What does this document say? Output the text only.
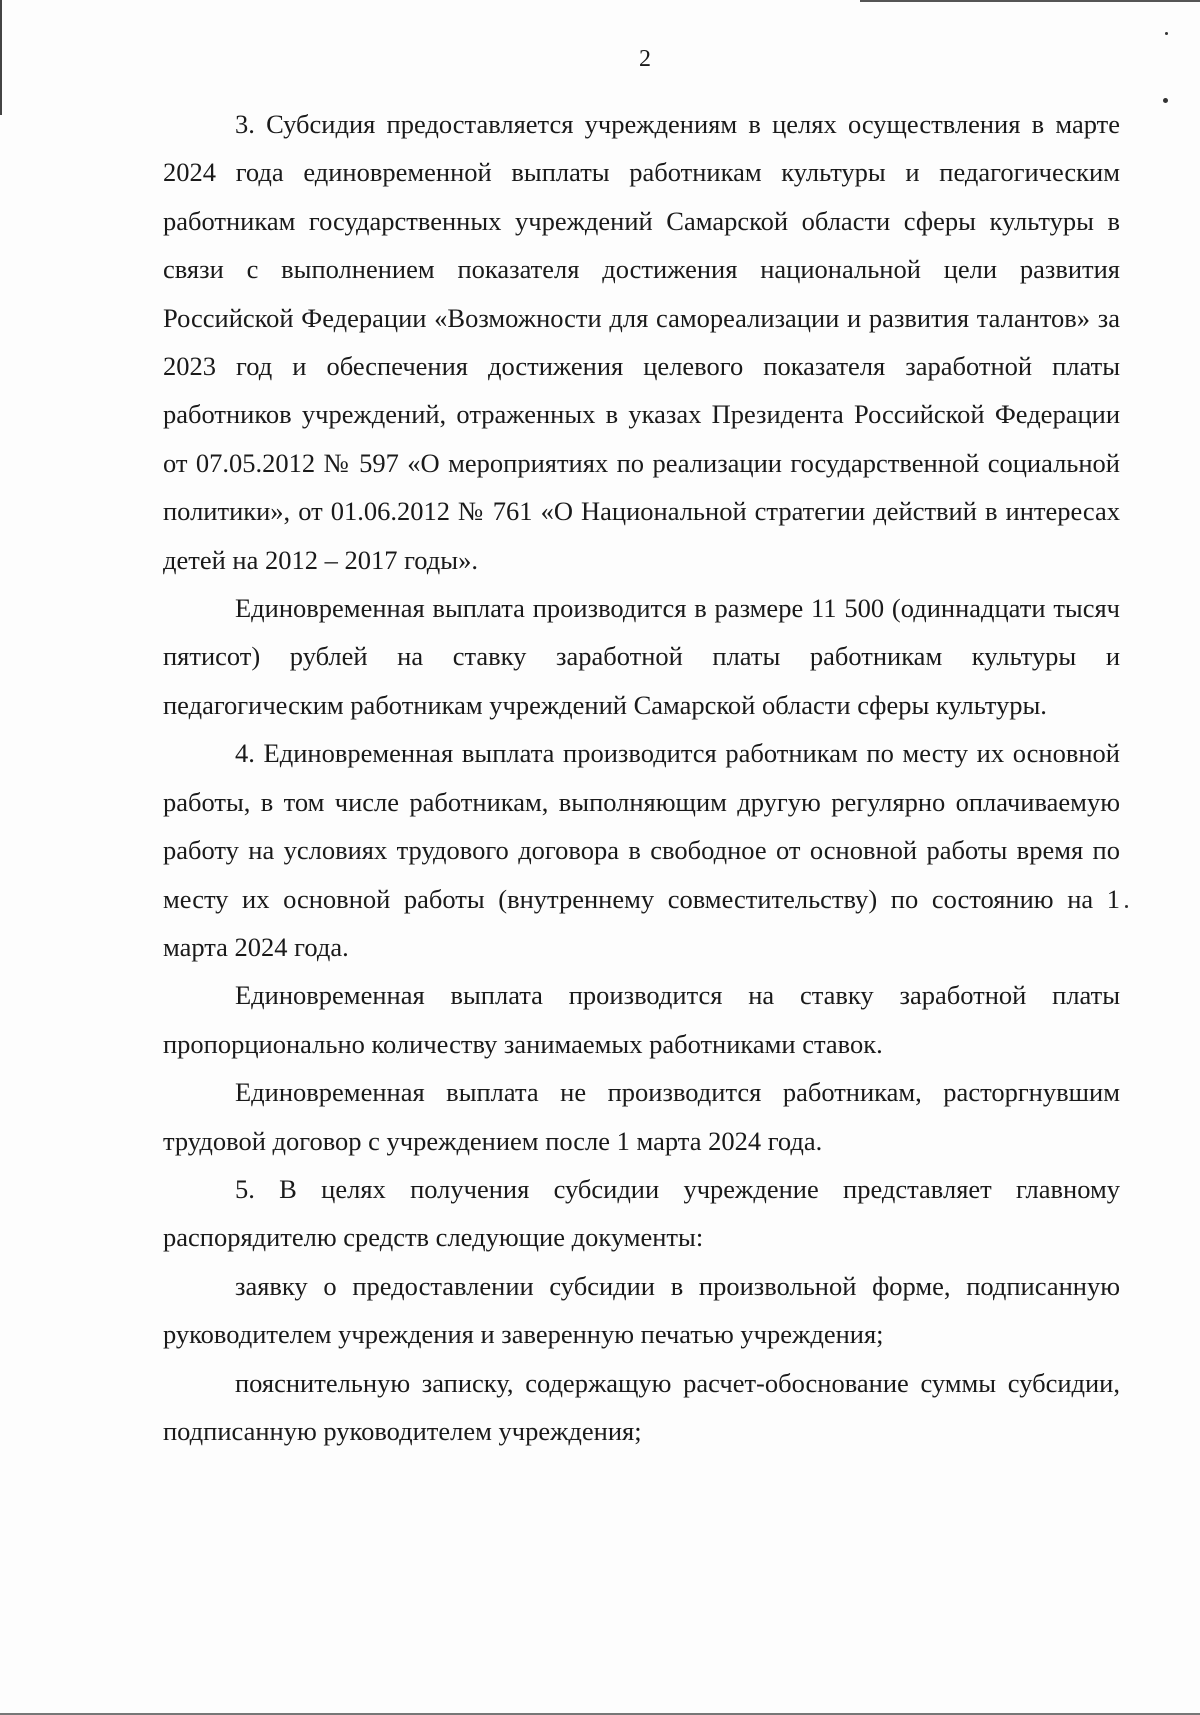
2

3. Субсидия предоставляется учреждениям в целях осуществления в марте 2024 года единовременной выплаты работникам культуры и педагогическим работникам государственных учреждений Самарской области сферы культуры в связи с выполнением показателя достижения национальной цели развития Российской Федерации «Возможности для самореализации и развития талантов» за 2023 год и обеспечения достижения целевого показателя заработной платы работников учреждений, отраженных в указах Президента Российской Федерации от 07.05.2012 № 597 «О мероприятиях по реализации государственной социальной политики», от 01.06.2012 № 761 «О Национальной стратегии действий в интересах детей на 2012 – 2017 годы».

Единовременная выплата производится в размере 11 500 (одиннадцати тысяч пятисот) рублей на ставку заработной платы работникам культуры и педагогическим работникам учреждений Самарской области сферы культуры.

4. Единовременная выплата производится работникам по месту их основной работы, в том числе работникам, выполняющим другую регулярно оплачиваемую работу на условиях трудового договора в свободное от основной работы время по месту их основной работы (внутреннему совместительству) по состоянию на 1 марта 2024 года.

Единовременная выплата производится на ставку заработной платы пропорционально количеству занимаемых работниками ставок.

Единовременная выплата не производится работникам, расторгнувшим трудовой договор с учреждением после 1 марта 2024 года.

5. В целях получения субсидии учреждение представляет главному распорядителю средств следующие документы:

заявку о предоставлении субсидии в произвольной форме, подписанную руководителем учреждения и заверенную печатью учреждения;

пояснительную записку, содержащую расчет-обоснование суммы субсидии, подписанную руководителем учреждения;
